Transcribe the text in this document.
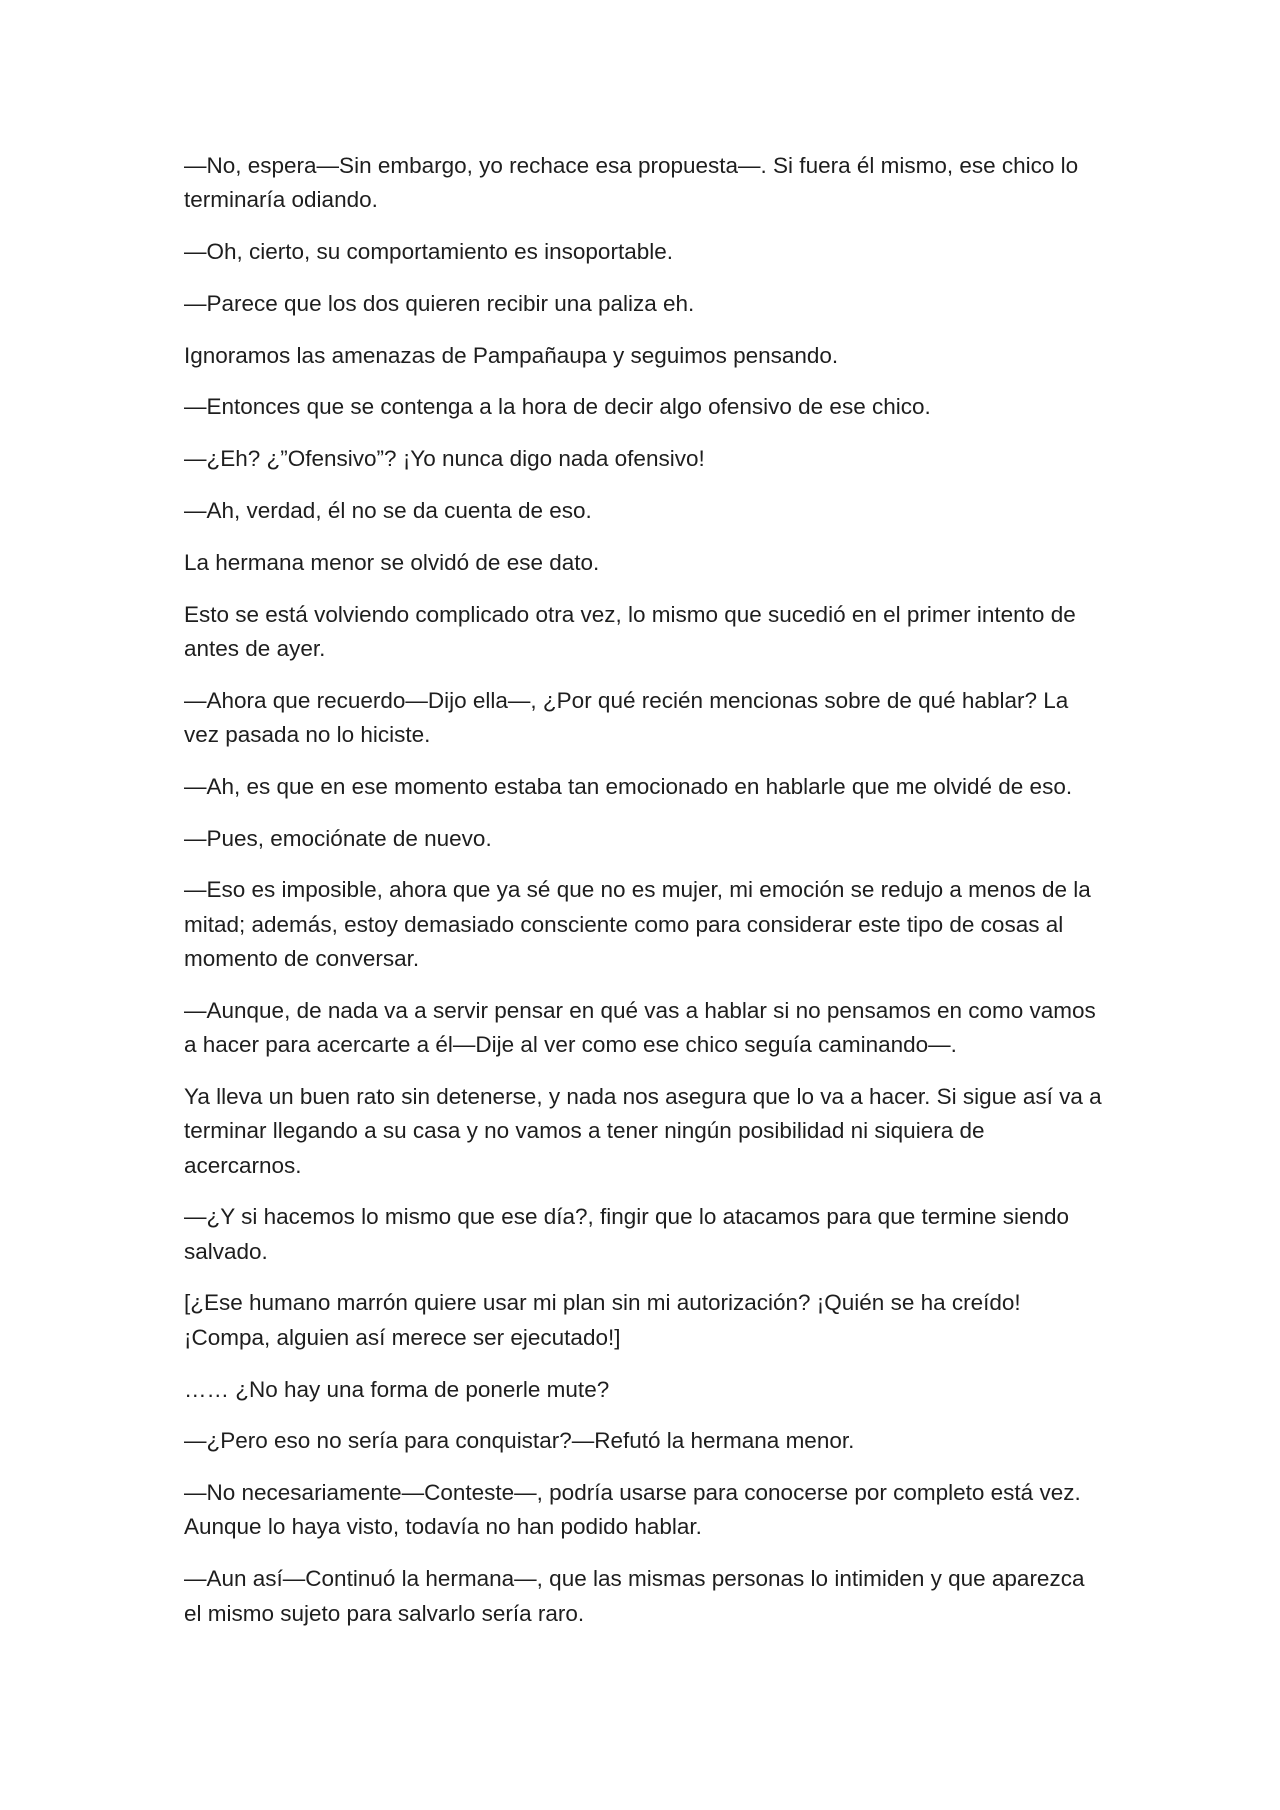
—No, espera—Sin embargo, yo rechace esa propuesta—. Si fuera él mismo, ese chico lo terminaría odiando.

—Oh, cierto, su comportamiento es insoportable.

—Parece que los dos quieren recibir una paliza eh.

Ignoramos las amenazas de Pampañaupa y seguimos pensando.

—Entonces que se contenga a la hora de decir algo ofensivo de ese chico.

—¿Eh? ¿”Ofensivo”? ¡Yo nunca digo nada ofensivo!

—Ah, verdad, él no se da cuenta de eso.

La hermana menor se olvidó de ese dato.

Esto se está volviendo complicado otra vez, lo mismo que sucedió en el primer intento de antes de ayer.

—Ahora que recuerdo—Dijo ella—, ¿Por qué recién mencionas sobre de qué hablar? La vez pasada no lo hiciste.

—Ah, es que en ese momento estaba tan emocionado en hablarle que me olvidé de eso.

—Pues, emociónate de nuevo.

—Eso es imposible, ahora que ya sé que no es mujer, mi emoción se redujo a menos de la mitad; además, estoy demasiado consciente como para considerar este tipo de cosas al momento de conversar.

—Aunque, de nada va a servir pensar en qué vas a hablar si no pensamos en como vamos a hacer para acercarte a él—Dije al ver como ese chico seguía caminando—.

Ya lleva un buen rato sin detenerse, y nada nos asegura que lo va a hacer. Si sigue así va a terminar llegando a su casa y no vamos a tener ningún posibilidad ni siquiera de acercarnos.

—¿Y si hacemos lo mismo que ese día?, fingir que lo atacamos para que termine siendo salvado.

[¿Ese humano marrón quiere usar mi plan sin mi autorización? ¡Quién se ha creído! ¡Compa, alguien así merece ser ejecutado!]

…… ¿No hay una forma de ponerle mute?

—¿Pero eso no sería para conquistar?—Refutó la hermana menor.

—No necesariamente—Conteste—, podría usarse para conocerse por completo está vez. Aunque lo haya visto, todavía no han podido hablar.

—Aun así—Continuó la hermana—, que las mismas personas lo intimiden y que aparezca el mismo sujeto para salvarlo sería raro.
